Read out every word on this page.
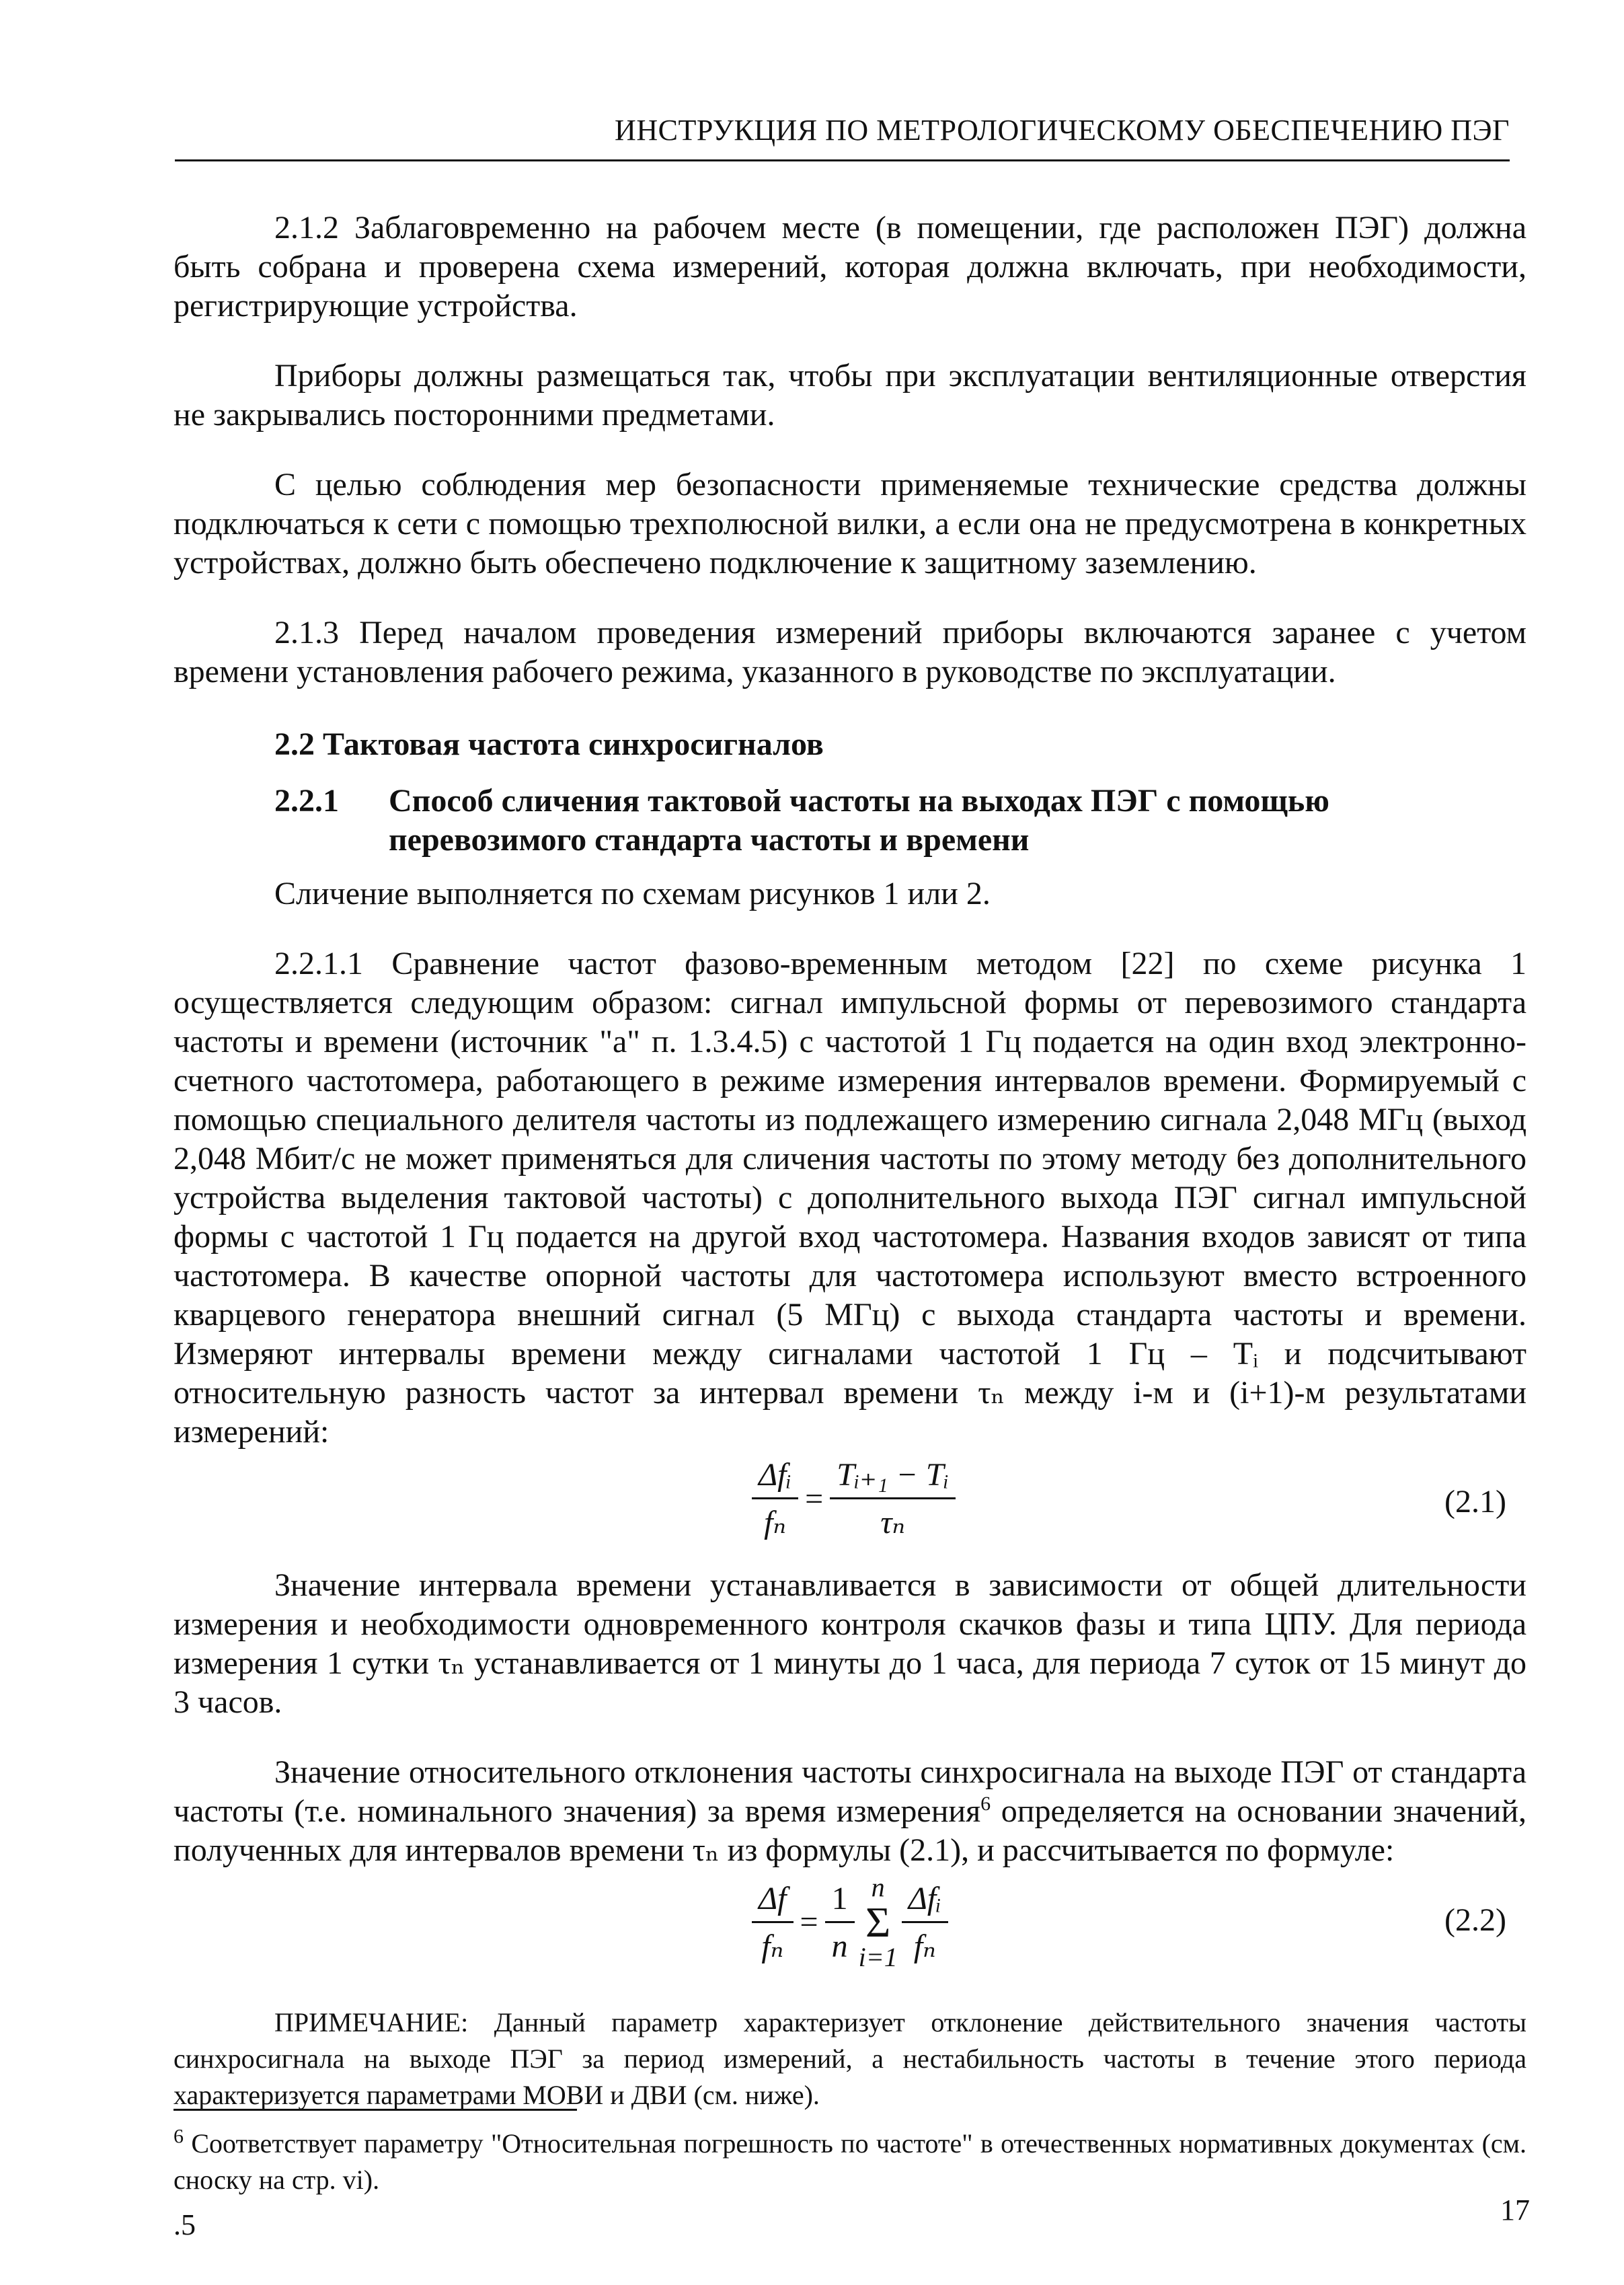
ИНСТРУКЦИЯ ПО МЕТРОЛОГИЧЕСКОМУ ОБЕСПЕЧЕНИЮ ПЭГ

2.1.2 Заблаговременно на рабочем месте (в помещении, где расположен ПЭГ) должна быть собрана и проверена схема измерений, которая должна включать, при необходимости, регистрирующие устройства.

Приборы должны размещаться так, чтобы при эксплуатации вентиляционные отверстия не закрывались посторонними предметами.

С целью соблюдения мер безопасности применяемые технические средства должны подключаться к сети с помощью трехполюсной вилки, а если она не предусмотрена в конкретных устройствах, должно быть обеспечено подключение к защитному заземлению.

2.1.3 Перед началом проведения измерений приборы включаются заранее с учетом времени установления рабочего режима, указанного в руководстве по эксплуатации.

2.2 Тактовая частота синхросигналов

2.2.1	Способ сличения тактовой частоты на выходах ПЭГ с помощью перевозимого стандарта частоты и времени

Сличение выполняется по схемам рисунков 1 или 2.

2.2.1.1 Сравнение частот фазово-временным методом [22] по схеме рисунка 1 осуществляется следующим образом: сигнал импульсной формы от перевозимого стандарта частоты и времени (источник "а" п. 1.3.4.5) с частотой 1 Гц подается на один вход электронно-счетного частотомера, работающего в режиме измерения интервалов времени. Формируемый с помощью специального делителя частоты из подлежащего измерению сигнала 2,048 МГц (выход 2,048 Мбит/с не может применяться для сличения частоты по этому методу без дополнительного устройства выделения тактовой частоты) с дополнительного выхода ПЭГ сигнал импульсной формы с частотой 1 Гц подается на другой вход частотомера. Названия входов зависят от типа частотомера. В качестве опорной частоты для частотомера используют вместо встроенного кварцевого генератора внешний сигнал (5 МГц) с выхода стандарта частоты и времени. Измеряют интервалы времени между сигналами частотой 1 Гц – Tᵢ и подсчитывают относительную разность частот за интервал времени τₙ между i-м и (i+1)-м результатами измерений:

$\frac{\text{Δfᵢ}}{\text{fₙ}} = \frac{\text{Tᵢ₊₁ − Tᵢ}}{\text{τₙ}}$	(2.1)

Значение интервала времени устанавливается в зависимости от общей длительности измерения и необходимости одновременного контроля скачков фазы и типа ЦПУ. Для периода измерения 1 сутки τₙ устанавливается от 1 минуты до 1 часа, для периода 7 суток от 15 минут до 3 часов.

Значение относительного отклонения частоты синхросигнала на выходе ПЭГ от стандарта частоты (т.е. номинального значения) за время измерения$^6$ определяется на основании значений, полученных для интервалов времени τₙ из формулы (2.1), и рассчитывается по формуле:

$\frac{\Delta f}{\text{fₙ}} = \frac{1}{n}$ n
Σ
$i=1 \frac{\text{Δfᵢ}}{\text{fₙ}}$	(2.2)

ПРИМЕЧАНИЕ: Данный параметр характеризует отклонение действительного значения частоты синхросигнала на выходе ПЭГ за период измерений, а нестабильность частоты в течение этого периода характеризуется параметрами МОВИ и ДВИ (см. ниже).

$^6$ Соответствует параметру "Относительная погрешность по частоте" в отечественных нормативных документах (см. сноску на стр. vi).
.5	17
